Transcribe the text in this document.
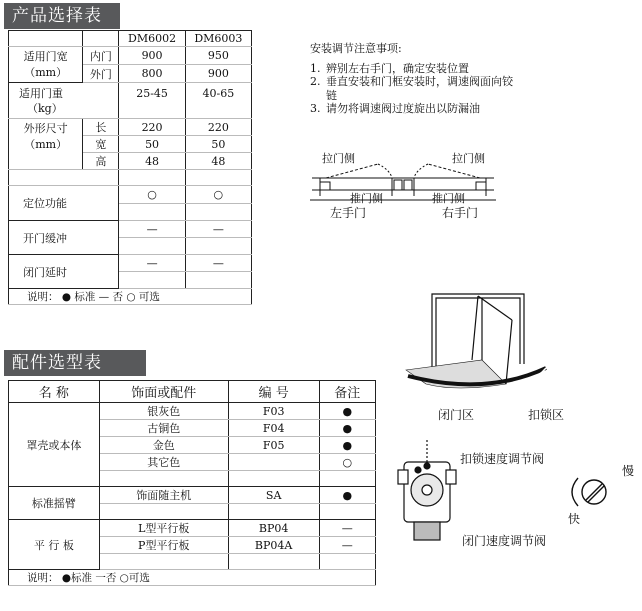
产品选择表
		DM6002	DM6003

适用门宽
（mm）	内门	900	950
	外门	800	900

适用门重
（kg）		25-45	40-65

外形尺寸
（mm）	长	220	220
	宽	50	50
	高	48	48

定位功能		○	○

开门缓冲		—	—

闭门延时		—	—

说明： ● 标准 — 否 ○ 可选			
安装调节注意事项:
1. 辨别左右手门，确定安装位置
2. 垂直安装和门框安装时，调速阀面向铰链
3. 请勿将调速阀过度旋出以防漏油
拉门侧	拉门侧
推门侧	推门侧
左手门	右手门
闭门区	扣锁区
扣锁速度调节阀
闭门速度调节阀
慢
快
配件选型表
名 称	饰面或配件	编 号	备注
罩壳或本体	银灰色	F03	●
	古铜色	F04	●
	金色	F05	●
	其它色		○

标准摇臂	饰面随主机	SA	●

平 行 板	L型平行板	BP04	—
	P型平行板	BP04A	—

说明： ●标准 一否 ○可选			
